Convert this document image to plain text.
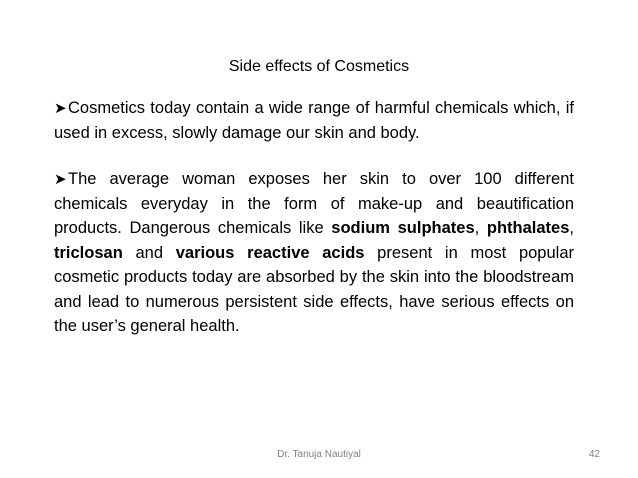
Side effects of Cosmetics

➤Cosmetics today contain a wide range of harmful chemicals which, if used in excess, slowly damage our skin and body.

➤The average woman exposes her skin to over 100 different chemicals everyday in the form of make-up and beautification products. Dangerous chemicals like sodium sulphates, phthalates, triclosan and various reactive acids present in most popular cosmetic products today are absorbed by the skin into the bloodstream and lead to numerous persistent side effects, have serious effects on the user’s general health.

Dr. Tanuja Nautiyal	42
